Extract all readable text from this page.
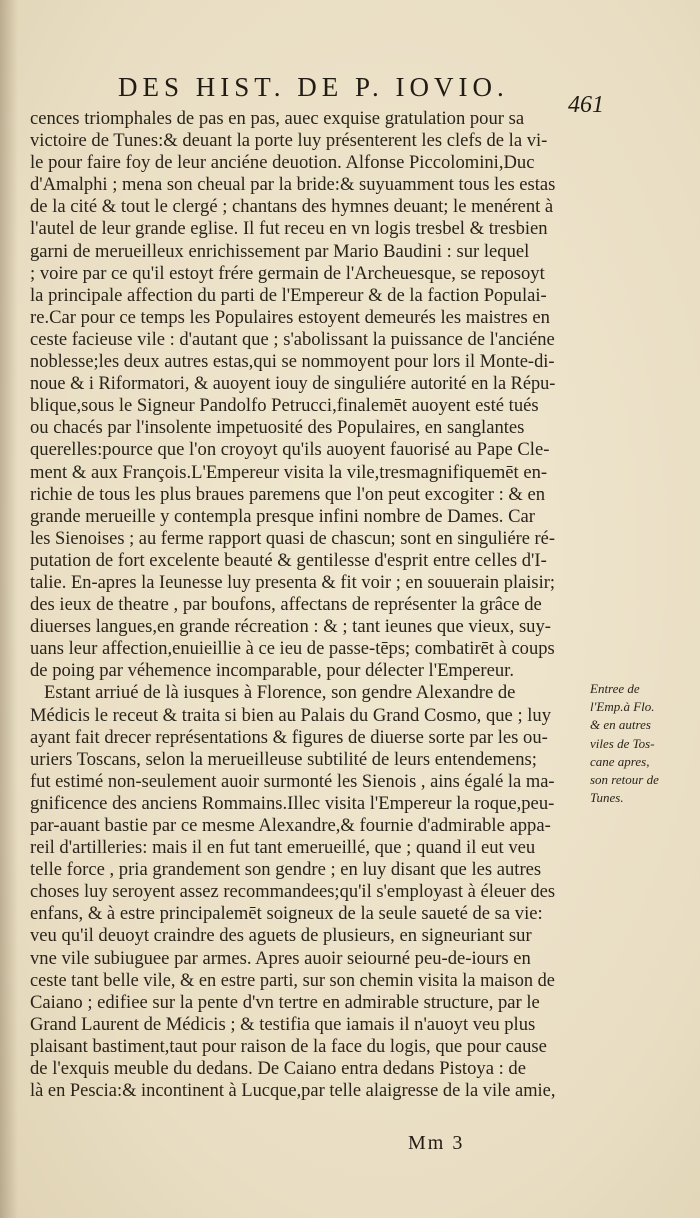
DES HIST. DE P. IOVIO.
461
cences triomphales de pas en pas, auec exquise gratulation pour sa
victoire de Tunes:& deuant la porte luy présenterent les clefs de la vi-
le pour faire foy de leur anciéne deuotion. Alfonse Piccolomini,Duc
d'Amalphi ; mena son cheual par la bride:& suyuamment tous les estas
de la cité & tout le clergé ; chantans des hymnes deuant; le menérent à
l'autel de leur grande eglise. Il fut receu en vn logis tresbel & tresbien
garni de merueilleux enrichissement par Mario Baudini : sur lequel
; voire par ce qu'il estoyt frére germain de l'Archeuesque, se reposoyt
la principale affection du parti de l'Empereur & de la faction Populai-
re.Car pour ce temps les Populaires estoyent demeurés les maistres en
ceste facieuse vile : d'autant que ; s'abolissant la puissance de l'anciéne
noblesse;les deux autres estas,qui se nommoyent pour lors il Monte-di-
noue & i Riformatori, & auoyent iouy de singuliére autorité en la Répu-
blique,sous le Signeur Pandolfo Petrucci,finalemēt auoyent esté tués
ou chacés par l'insolente impetuosité des Populaires, en sanglantes
querelles:pource que l'on croyoyt qu'ils auoyent fauorisé au Pape Cle-
ment & aux François.L'Empereur visita la vile,tresmagnifiquemēt en-
richie de tous les plus braues paremens que l'on peut excogiter : & en
grande merueille y contempla presque infini nombre de Dames. Car
les Sienoises ; au ferme rapport quasi de chascun; sont en singuliére ré-
putation de fort excelente beauté & gentilesse d'esprit entre celles d'I-
talie. En-apres la Ieunesse luy presenta & fit voir ; en souuerain plaisir;
des ieux de theatre , par boufons, affectans de représenter la grâce de
diuerses langues,en grande récreation : & ; tant ieunes que vieux, suy-
uans leur affection,enuieillie à ce ieu de passe-tēps; combatirēt à coups
de poing par véhemence incomparable, pour délecter l'Empereur.
Estant arriué de là iusques à Florence, son gendre Alexandre de
Médicis le receut & traita si bien au Palais du Grand Cosmo, que ; luy
ayant fait drecer représentations & figures de diuerse sorte par les ou-
uriers Toscans, selon la merueilleuse subtilité de leurs entendemens;
fut estimé non-seulement auoir surmonté les Sienois , ains égalé la ma-
gnificence des anciens Rommains.Illec visita l'Empereur la roque,peu-
par-auant bastie par ce mesme Alexandre,& fournie d'admirable appa-
reil d'artilleries: mais il en fut tant emerueillé, que ; quand il eut veu
telle force , pria grandement son gendre ; en luy disant que les autres
choses luy seroyent assez recommandees;qu'il s'employast à éleuer des
enfans, & à estre principalemēt soigneux de la seule saueté de sa vie:
veu qu'il deuoyt craindre des aguets de plusieurs, en signeuriant sur
vne vile subiuguee par armes. Apres auoir seiourné peu-de-iours en
ceste tant belle vile, & en estre parti, sur son chemin visita la maison de
Caiano ; edifiee sur la pente d'vn tertre en admirable structure, par le
Grand Laurent de Médicis ; & testifia que iamais il n'auoyt veu plus
plaisant bastiment,taut pour raison de la face du logis, que pour cause
de l'exquis meuble du dedans. De Caiano entra dedans Pistoya : de
là en Pescia:& incontinent à Lucque,par telle alaigresse de la vile amie,
Entree de
l'Emp.à Flo.
& en autres
viles de Tos-
cane apres,
son retour de
Tunes.
Mm 3
